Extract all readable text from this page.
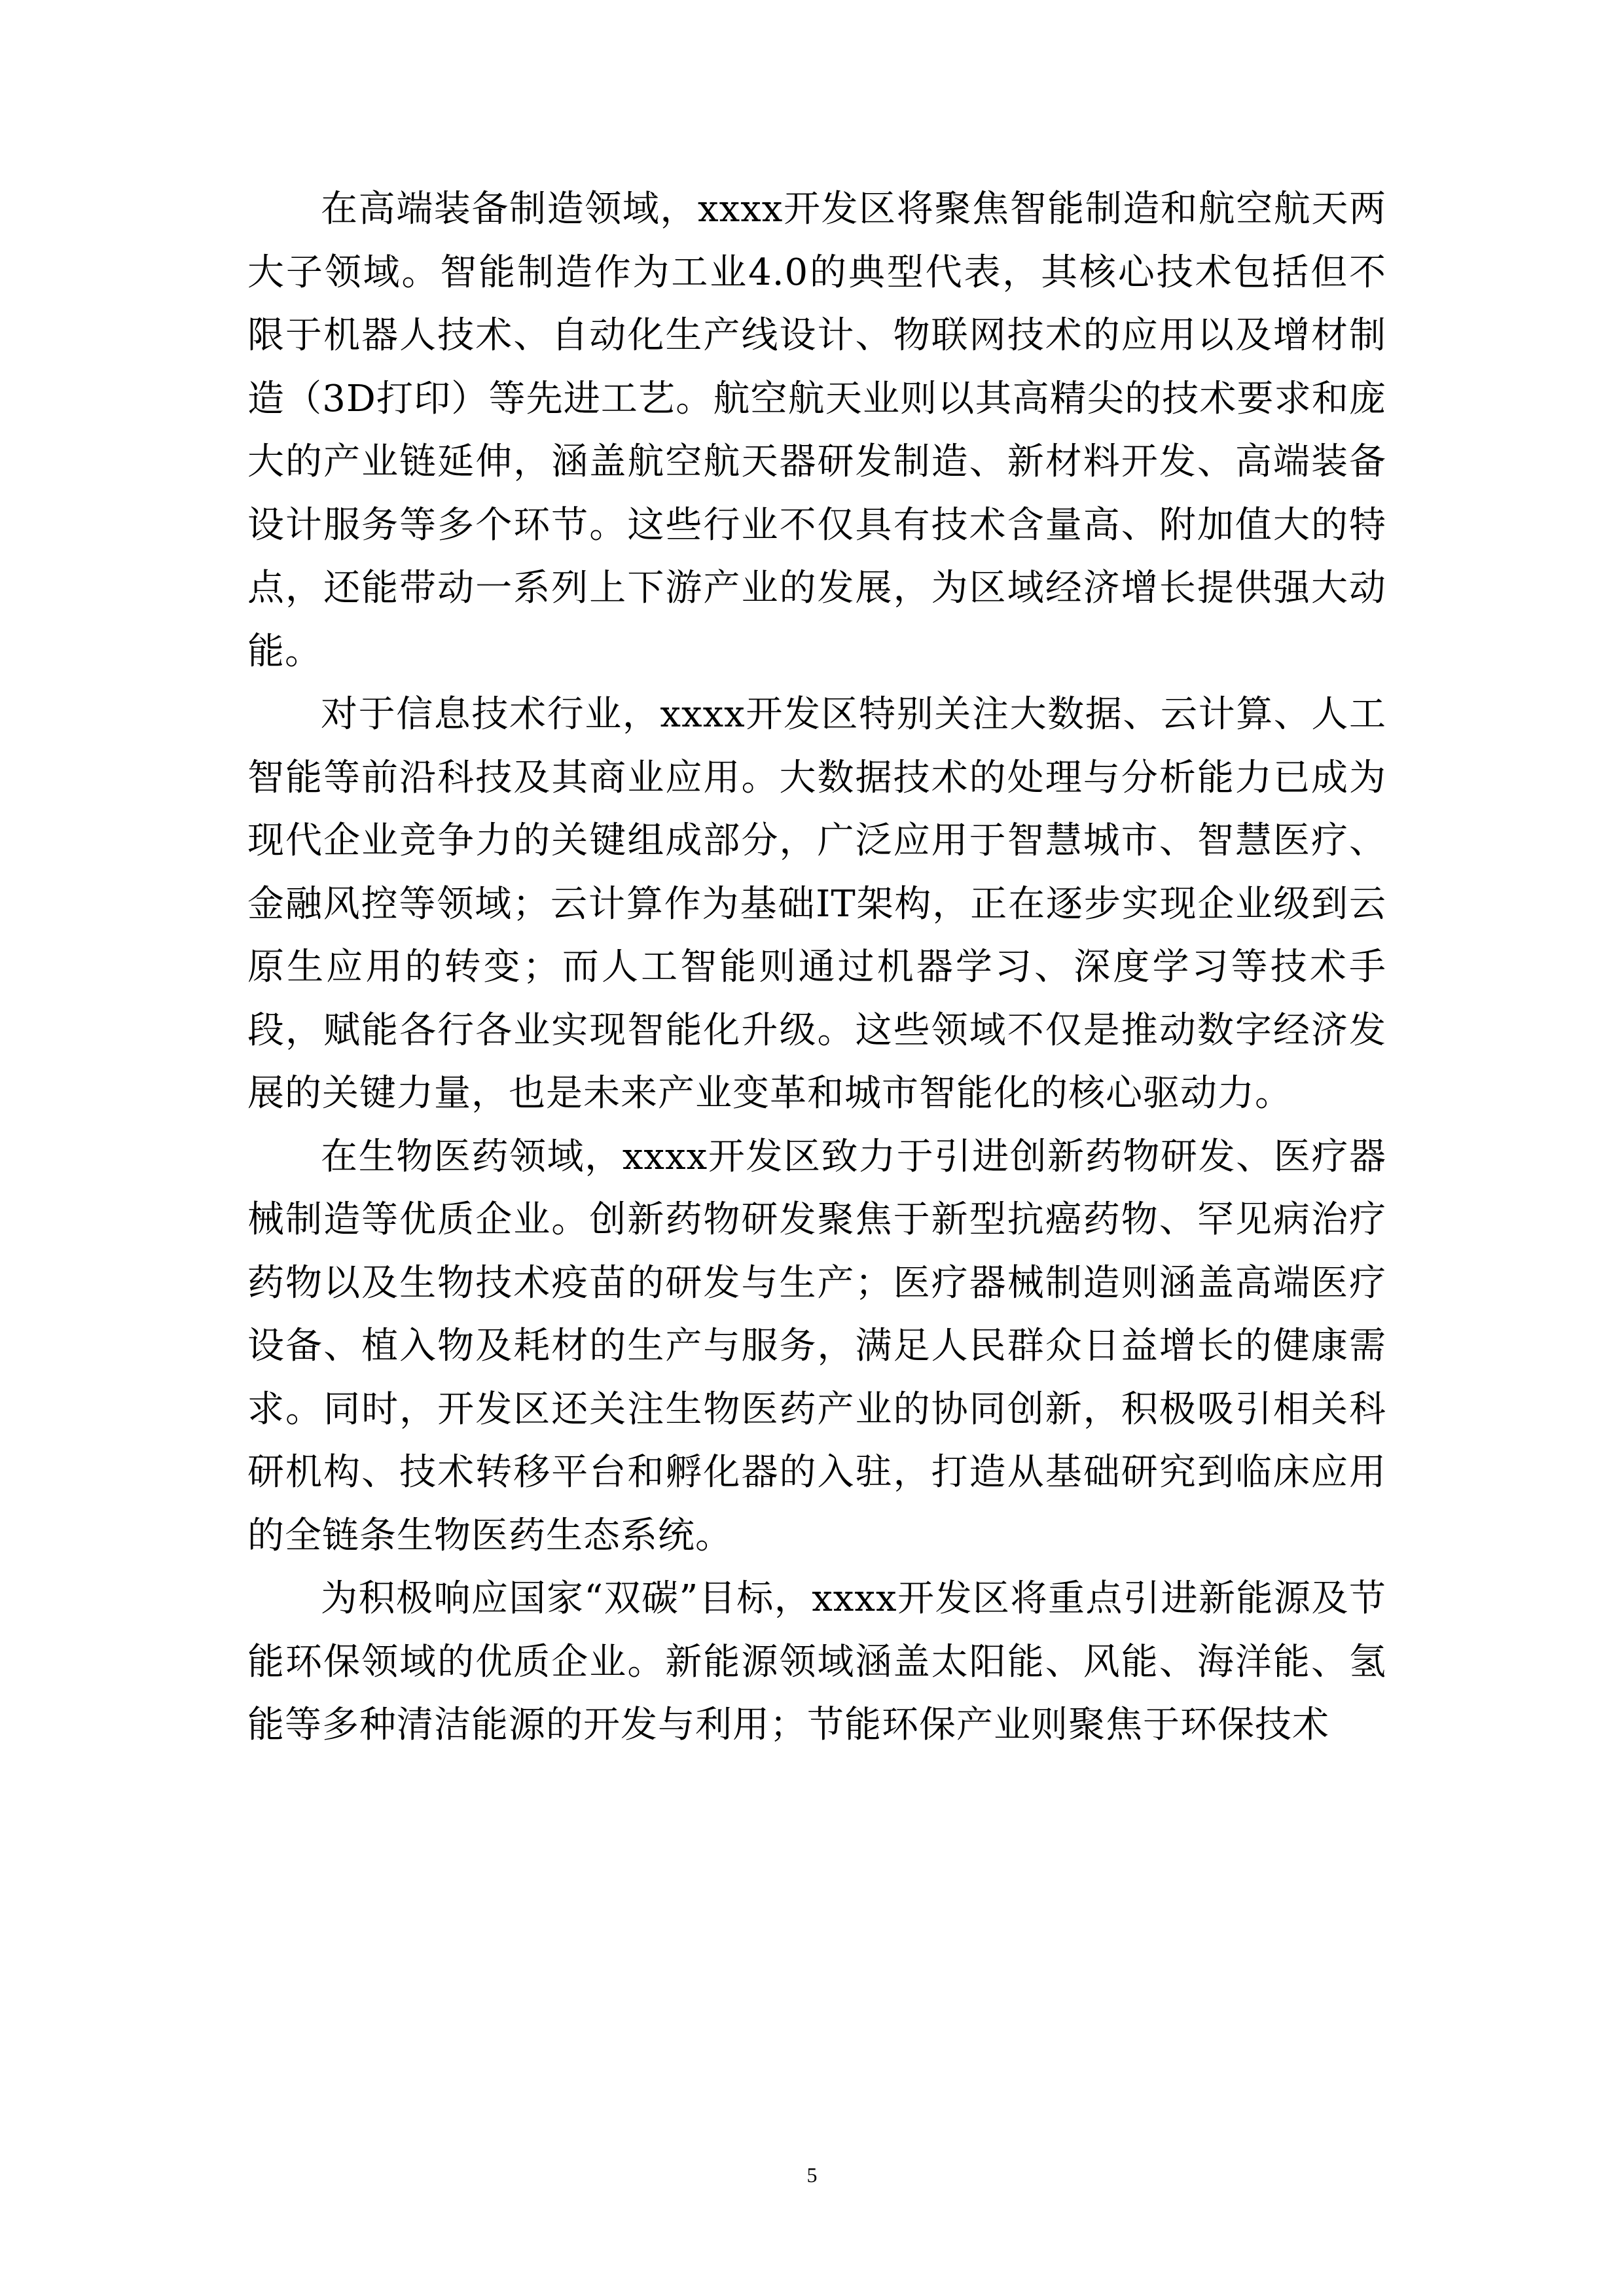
在高端装备制造领域，xxxx开发区将聚焦智能制造和航空航天两大子领域。智能制造作为工业4.0的典型代表，其核心技术包括但不限于机器人技术、自动化生产线设计、物联网技术的应用以及增材制造（3D打印）等先进工艺。航空航天业则以其高精尖的技术要求和庞大的产业链延伸，涵盖航空航天器研发制造、新材料开发、高端装备设计服务等多个环节。这些行业不仅具有技术含量高、附加值大的特点，还能带动一系列上下游产业的发展，为区域经济增长提供强大动能。

对于信息技术行业，xxxx开发区特别关注大数据、云计算、人工智能等前沿科技及其商业应用。大数据技术的处理与分析能力已成为现代企业竞争力的关键组成部分，广泛应用于智慧城市、智慧医疗、金融风控等领域；云计算作为基础IT架构，正在逐步实现企业级到云原生应用的转变；而人工智能则通过机器学习、深度学习等技术手段，赋能各行各业实现智能化升级。这些领域不仅是推动数字经济发展的关键力量，也是未来产业变革和城市智能化的核心驱动力。

在生物医药领域，xxxx开发区致力于引进创新药物研发、医疗器械制造等优质企业。创新药物研发聚焦于新型抗癌药物、罕见病治疗药物以及生物技术疫苗的研发与生产；医疗器械制造则涵盖高端医疗设备、植入物及耗材的生产与服务，满足人民群众日益增长的健康需求。同时，开发区还关注生物医药产业的协同创新，积极吸引相关科研机构、技术转移平台和孵化器的入驻，打造从基础研究到临床应用的全链条生物医药生态系统。

为积极响应国家“双碳”目标，xxxx开发区将重点引进新能源及节能环保领域的优质企业。新能源领域涵盖太阳能、风能、海洋能、氢能等多种清洁能源的开发与利用；节能环保产业则聚焦于环保技术

5
